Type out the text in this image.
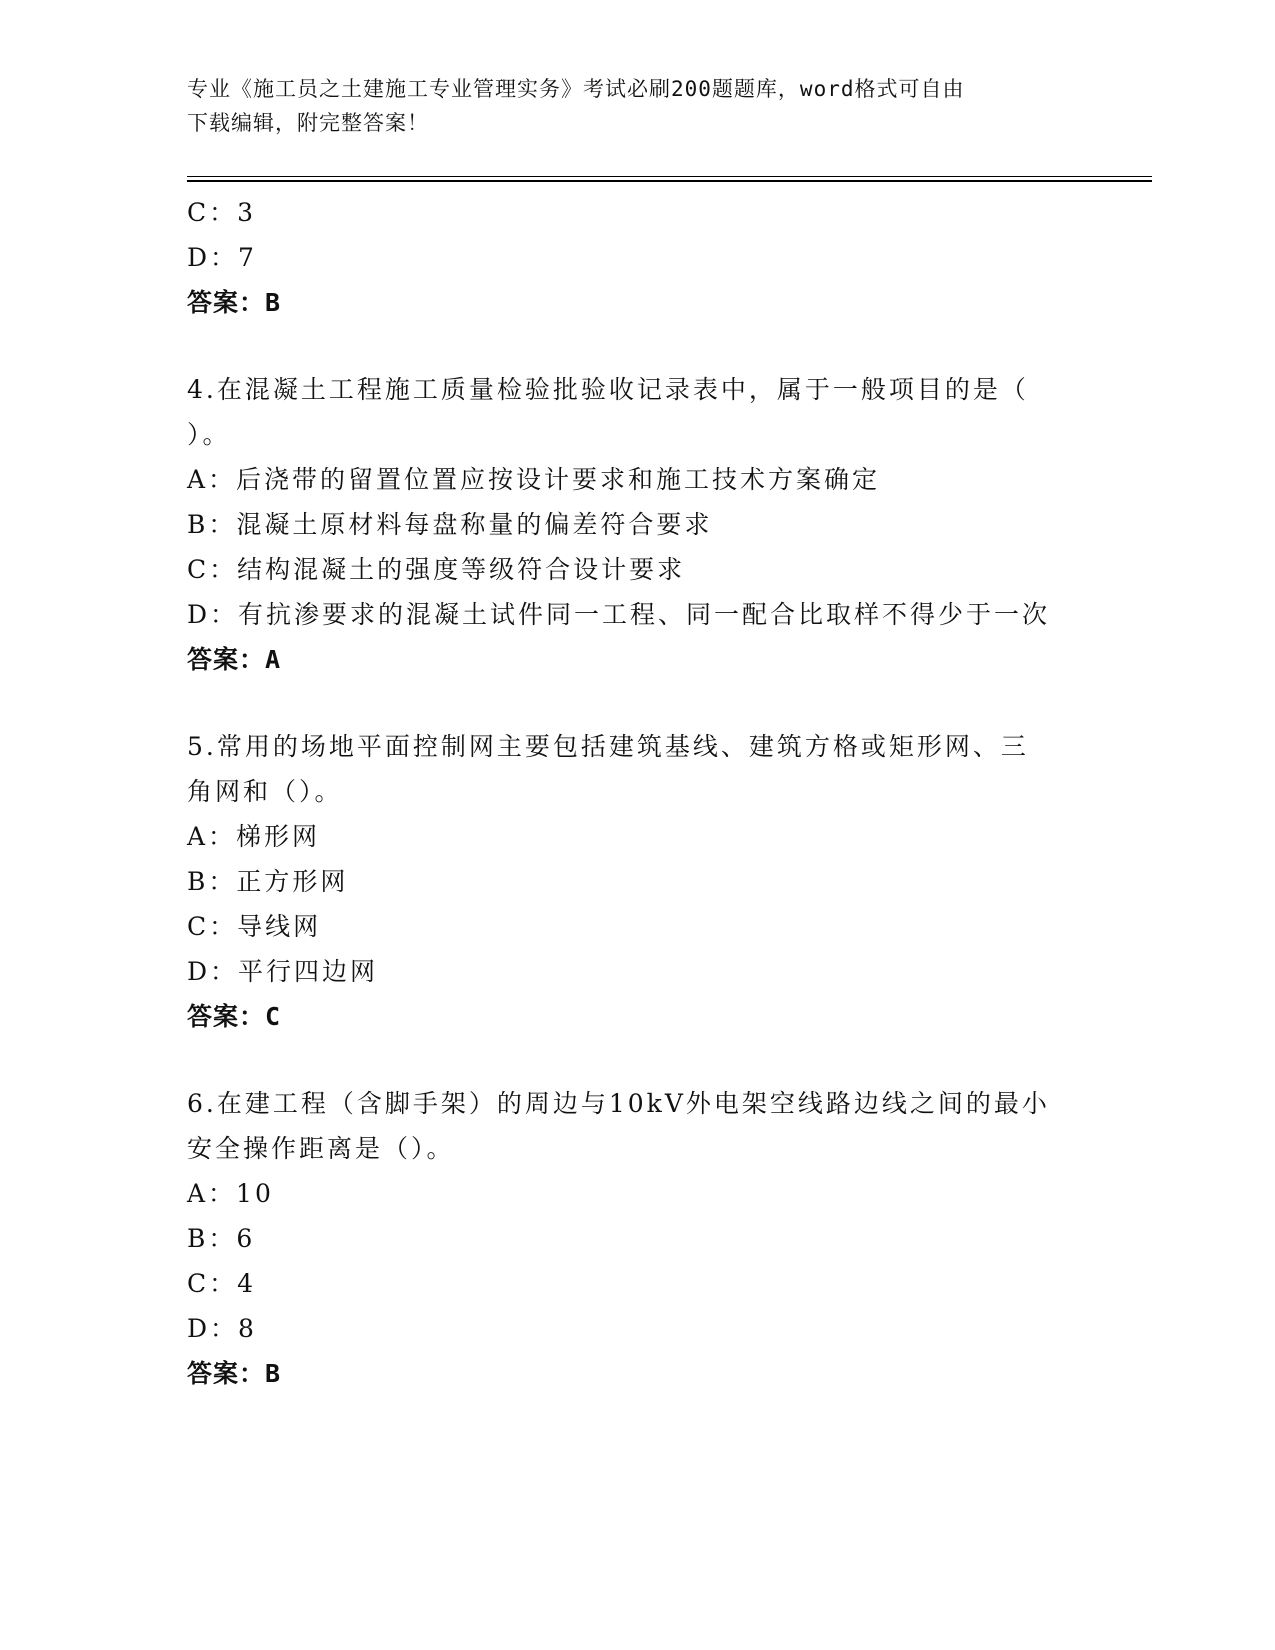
专业《施工员之土建施工专业管理实务》考试必刷200题题库，word格式可自由
下载编辑，附完整答案！
C：3
D：7
答案：B
4.在混凝土工程施工质量检验批验收记录表中，属于一般项目的是（
）。
A：后浇带的留置位置应按设计要求和施工技术方案确定
B：混凝土原材料每盘称量的偏差符合要求
C：结构混凝土的强度等级符合设计要求
D：有抗渗要求的混凝土试件同一工程、同一配合比取样不得少于一次
答案：A
5.常用的场地平面控制网主要包括建筑基线、建筑方格或矩形网、三
角网和（）。
A：梯形网
B：正方形网
C：导线网
D：平行四边网
答案：C
6.在建工程（含脚手架）的周边与10kV外电架空线路边线之间的最小
安全操作距离是（）。
A：10
B：6
C：4
D：8
答案：B
